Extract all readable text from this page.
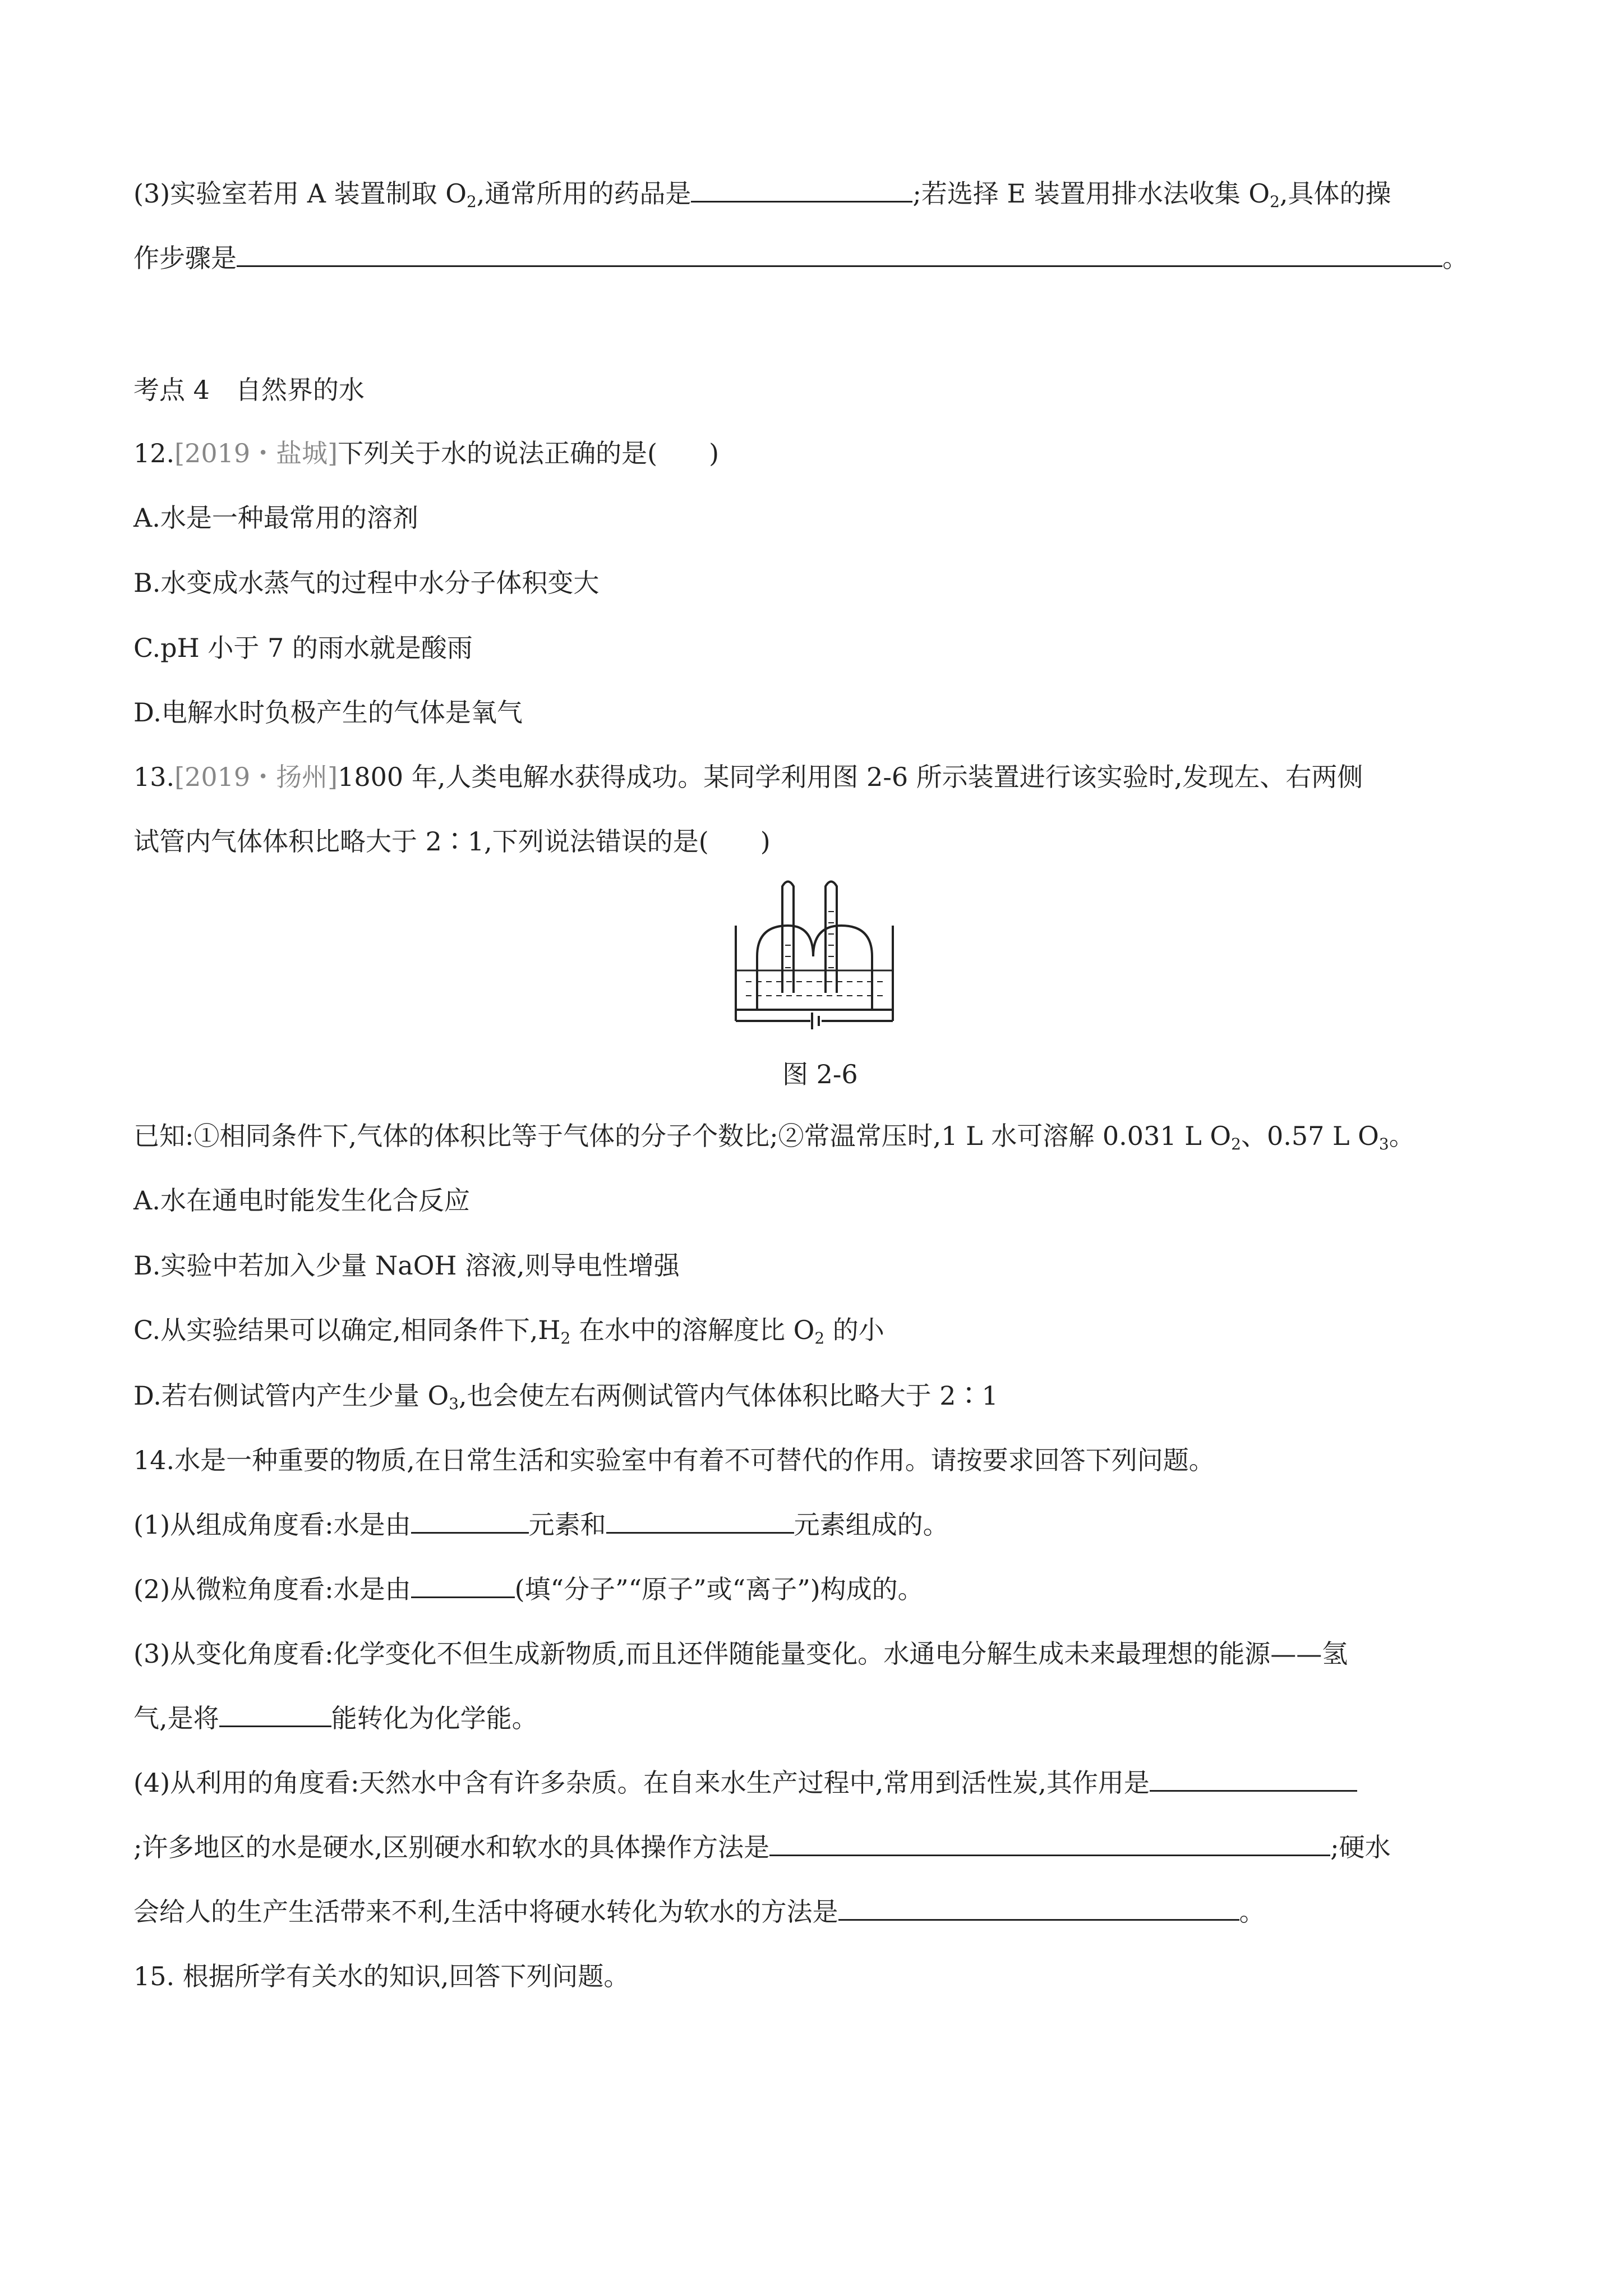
(3)实验室若用 A 装置制取 $O_2$,通常所用的药品是	;若选择 E 装置用排水法收集 $O_2$,具体的操
作步骤是	。
考点 4　自然界的水
12.[2019・盐城]下列关于水的说法正确的是(　　)
A.水是一种最常用的溶剂
B.水变成水蒸气的过程中水分子体积变大
C.pH 小于 7 的雨水就是酸雨
D.电解水时负极产生的气体是氧气
13.[2019・扬州]1800 年,人类电解水获得成功。某同学利用图 2-6 所示装置进行该实验时,发现左、右两侧
试管内气体体积比略大于 2∶1,下列说法错误的是(　　)
图 2-6
已知:①相同条件下,气体的体积比等于气体的分子个数比;②常温常压时,1 L 水可溶解 0.031 L $O_2$、0.57 L $O_3$。
A.水在通电时能发生化合反应
B.实验中若加入少量 NaOH 溶液,则导电性增强
C.从实验结果可以确定,相同条件下$,H_2$ 在水中的溶解度比 $O_2$ 的小
D.若右侧试管内产生少量 $O_3$,也会使左右两侧试管内气体体积比略大于 2∶1
14.水是一种重要的物质,在日常生活和实验室中有着不可替代的作用。请按要求回答下列问题。
(1)从组成角度看:水是由	元素和	元素组成的。
(2)从微粒角度看:水是由	(填“分子”“原子”或“离子”)构成的。
(3)从变化角度看:化学变化不但生成新物质,而且还伴随能量变化。水通电分解生成未来最理想的能源——氢
气,是将	能转化为化学能。
(4)从利用的角度看:天然水中含有许多杂质。在自来水生产过程中,常用到活性炭,其作用是
;许多地区的水是硬水,区别硬水和软水的具体操作方法是	;硬水
会给人的生产生活带来不利,生活中将硬水转化为软水的方法是	。
15. 根据所学有关水的知识,回答下列问题。
